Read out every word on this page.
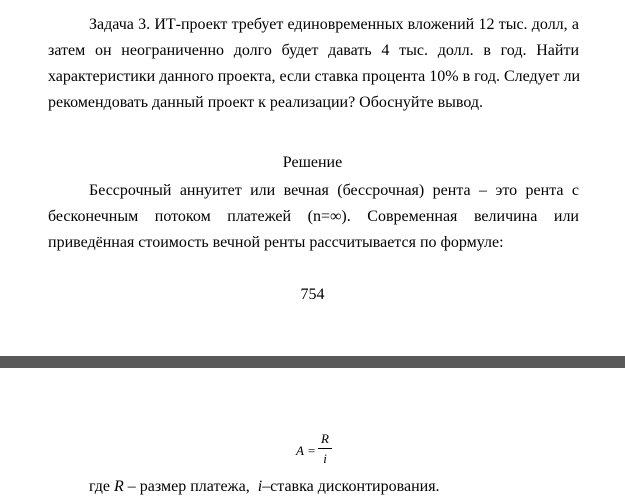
Задача 3. ИТ-проект требует единовременных вложений 12 тыс. долл, а
затем он неограниченно долго будет давать 4 тыс. долл. в год. Найти
характеристики данного проекта, если ставка процента 10% в год. Следует ли
рекомендовать данный проект к реализации? Обоснуйте вывод.

Решение

Бессрочный аннуитет или вечная (бессрочная) рента – это рента с
бесконечным потоком платежей (n=∞). Современная величина или
приведённая стоимость вечной ренты рассчитывается по формуле:

754
A =
R
i
где R – размер платежа,  i–ставка дисконтирования.
